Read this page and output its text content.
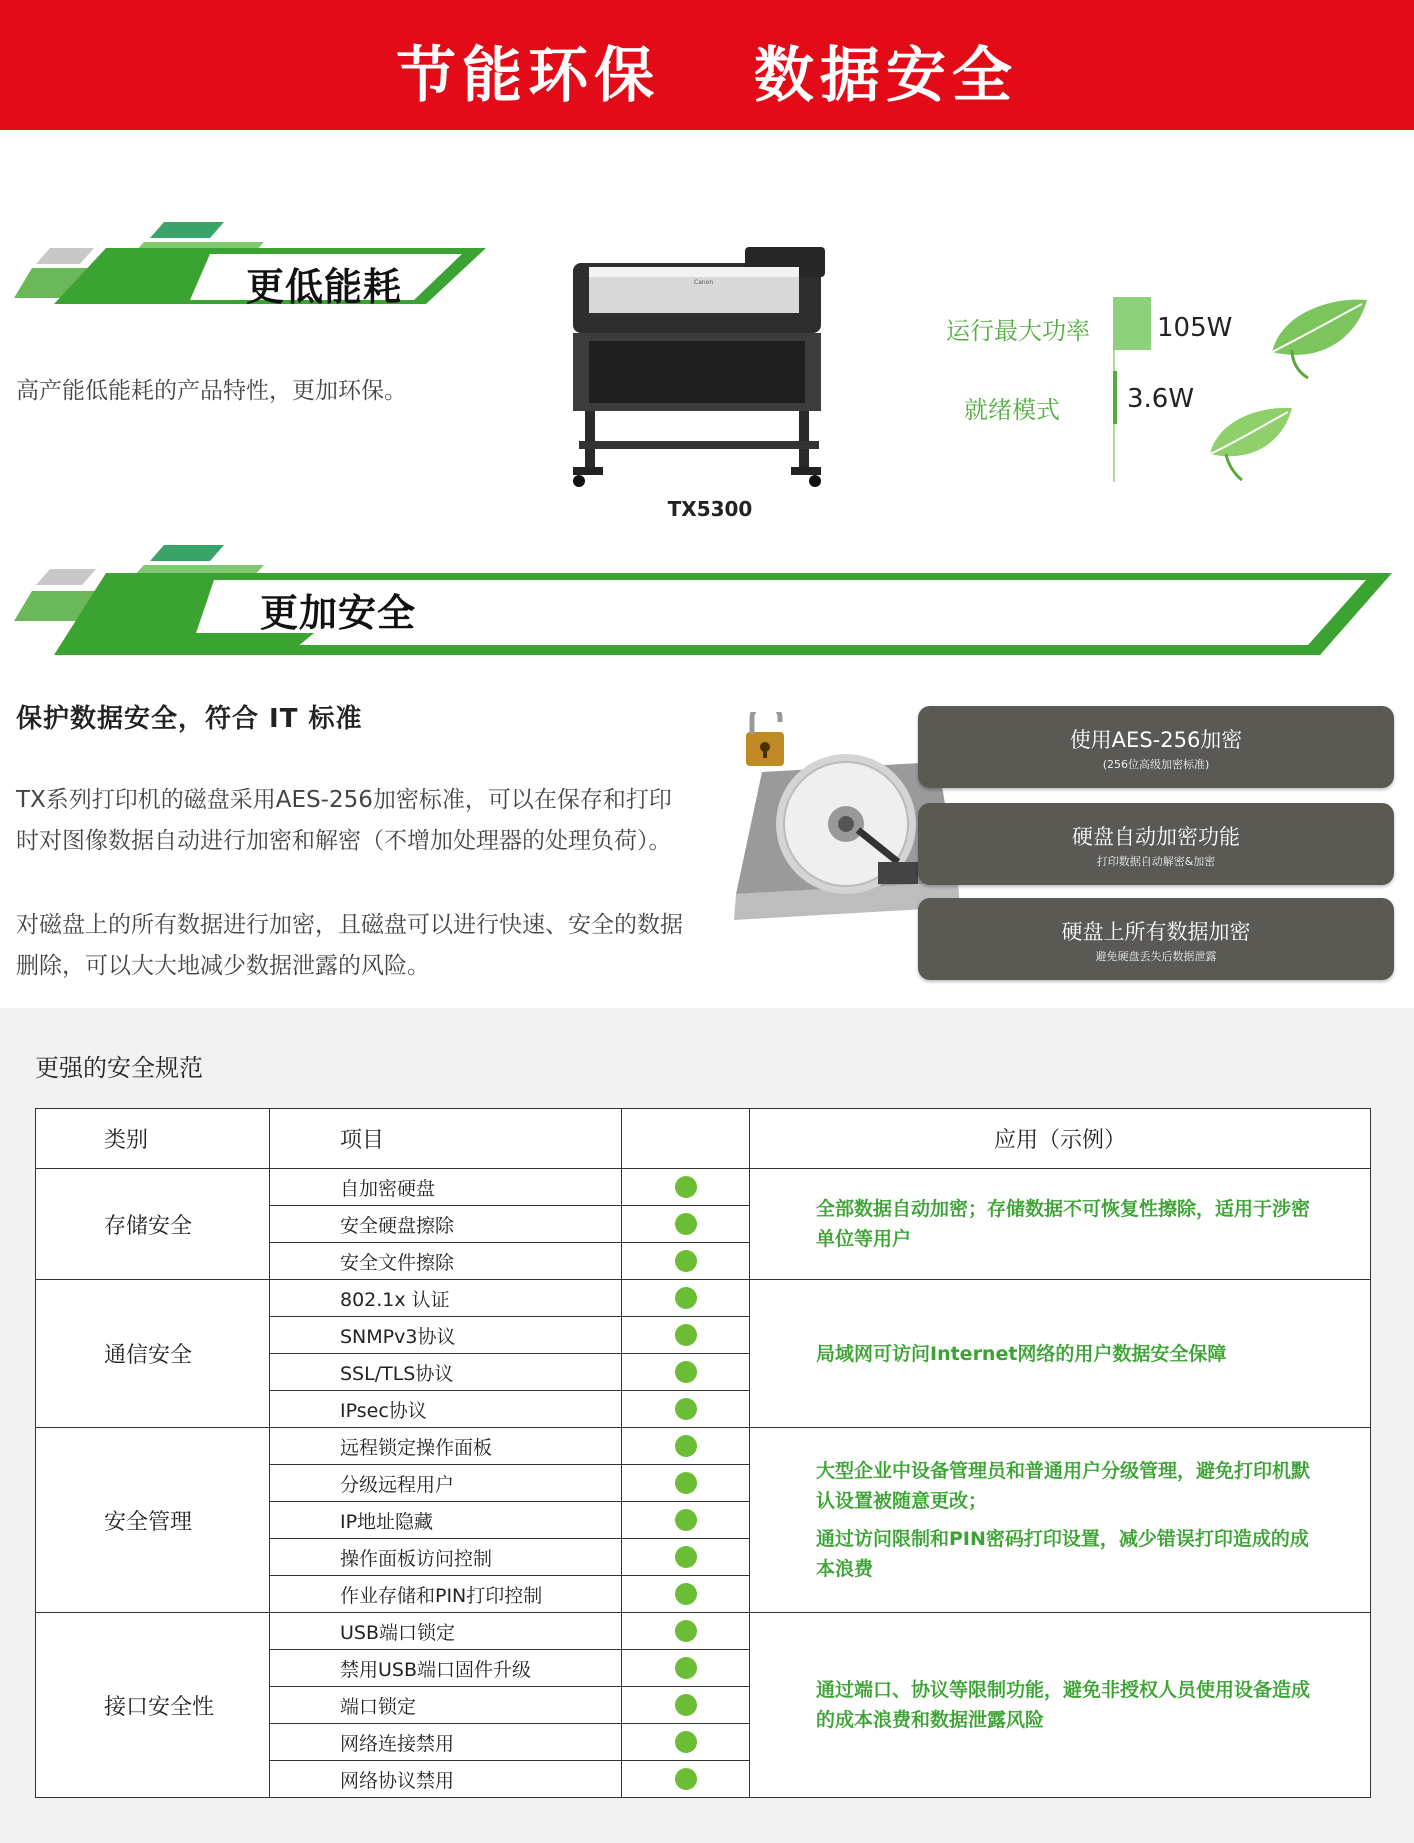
节能环保  数据安全
更低能耗
高产能低能耗的产品特性，更加环保。
Canon
TX5300
运行最大功率
就绪模式
105W
3.6W
更加安全
保护数据安全，符合 IT 标准
TX系列打印机的磁盘采用AES-256加密标准，可以在保存和打印时对图像数据自动进行加密和解密（不增加处理器的处理负荷）。
对磁盘上的所有数据进行加密，且磁盘可以进行快速、安全的数据删除，可以大大地减少数据泄露的风险。
使用AES-256加密
(256位高级加密标准)
硬盘自动加密功能
打印数据自动解密&加密
硬盘上所有数据加密
避免硬盘丢失后数据泄露
更强的安全规范
类别	项目		应用（示例）
存储安全	自加密硬盘		全部数据自动加密；存储数据不可恢复性擦除，适用于涉密单位等用户

	安全硬盘擦除		
	安全文件擦除		
通信安全	802.1x 认证		局域网可访问Internet网络的用户数据安全保障

	SNMPv3协议		
	SSL/TLS协议		
	IPsec协议		
安全管理	远程锁定操作面板		大型企业中设备管理员和普通用户分级管理，避免打印机默认设置被随意更改；

通过访问限制和PIN密码打印设置，减少错误打印造成的成本浪费

	分级远程用户		
	IP地址隐藏		
	操作面板访问控制		
	作业存储和PIN打印控制		
接口安全性	USB端口锁定		通过端口、协议等限制功能，避免非授权人员使用设备造成的成本浪费和数据泄露风险

	禁用USB端口固件升级		
	端口锁定		
	网络连接禁用		
	网络协议禁用		
